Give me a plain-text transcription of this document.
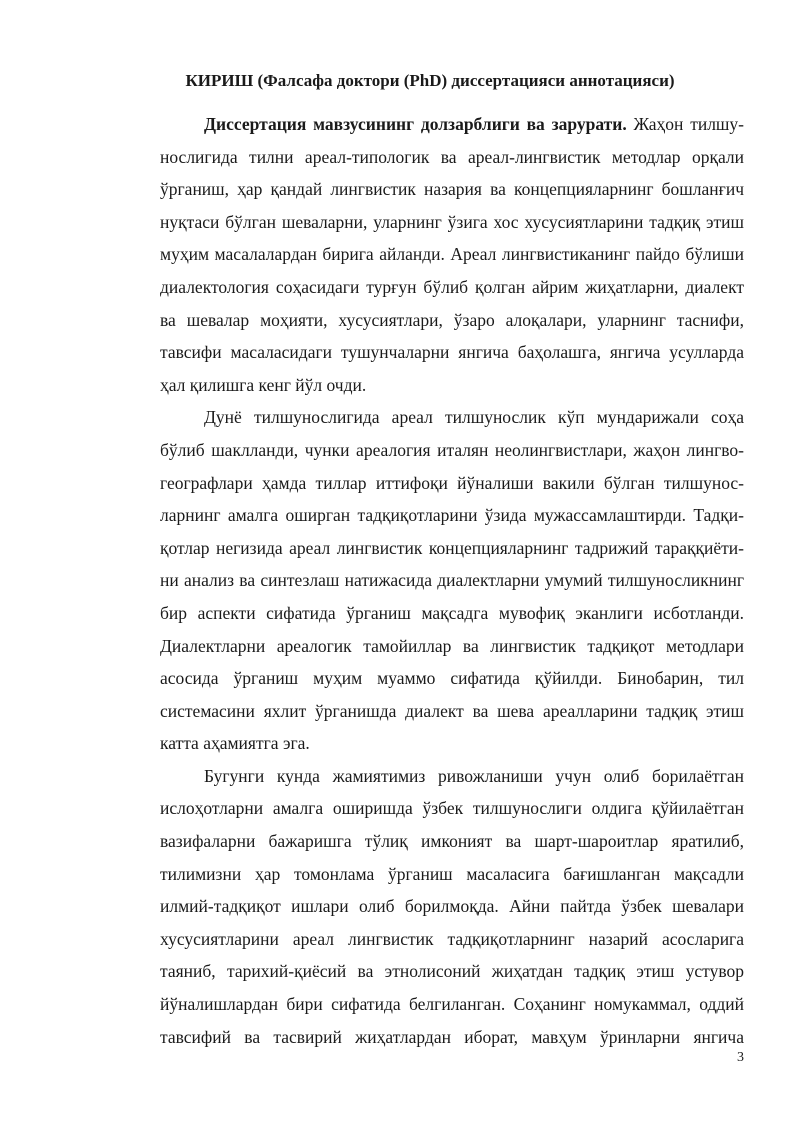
КИРИШ (Фалсафа доктори (PhD) диссертацияси аннотацияси)
Диссертация мавзусининг долзарблиги ва зарурати. Жаҳон тилшу-
нослигида тилни ареал-типологик ва ареал-лингвистик методлар орқали
ўрганиш, ҳар қандай лингвистик назария ва концепцияларнинг бошланғич
нуқтаси бўлган шеваларни, уларнинг ўзига хос хусусиятларини тадқиқ этиш
муҳим масалалардан бирига айланди. Ареал лингвистиканинг пайдо бўлиши
диалектология соҳасидаги турғун бўлиб қолган айрим жиҳатларни, диалект
ва шевалар моҳияти, хусусиятлари, ўзаро алоқалари, уларнинг таснифи,
тавсифи масаласидаги тушунчаларни янгича баҳолашга, янгича усулларда
ҳал қилишга кенг йўл очди.
Дунё тилшунослигида ареал тилшунослик кўп мундарижали соҳа
бўлиб шаклланди, чунки ареалогия италян неолингвистлари, жаҳон лингво-
географлари ҳамда тиллар иттифоқи йўналиши вакили бўлган тилшунос-
ларнинг амалга оширган тадқиқотларини ўзида мужассамлаштирди. Тадқи-
қотлар негизида ареал лингвистик концепцияларнинг тадрижий тараққиёти-
ни анализ ва синтезлаш натижасида диалектларни умумий тилшуносликнинг
бир аспекти сифатида ўрганиш мақсадга мувофиқ эканлиги исботланди.
Диалектларни ареалогик тамойиллар ва лингвистик тадқиқот методлари
асосида ўрганиш муҳим муаммо сифатида қўйилди. Бинобарин, тил
системасини яхлит ўрганишда диалект ва шева ареалларини тадқиқ этиш
катта аҳамиятга эга.
Бугунги кунда жамиятимиз ривожланиши учун олиб борилаётган
ислоҳотларни амалга оширишда ўзбек тилшунослиги олдига қўйилаётган
вазифаларни бажаришга тўлиқ имконият ва шарт-шароитлар яратилиб,
тилимизни ҳар томонлама ўрганиш масаласига бағишланган мақсадли
илмий-тадқиқот ишлари олиб борилмоқда. Айни пайтда ўзбек шевалари
хусусиятларини ареал лингвистик тадқиқотларнинг назарий асосларига
таяниб, тарихий-қиёсий ва этнолисоний жиҳатдан тадқиқ этиш устувор
йўналишлардан бири сифатида белгиланган. Соҳанинг номукаммал, оддий
тавсифий ва тасвирий жиҳатлардан иборат, мавҳум ўринларни янгича
3
